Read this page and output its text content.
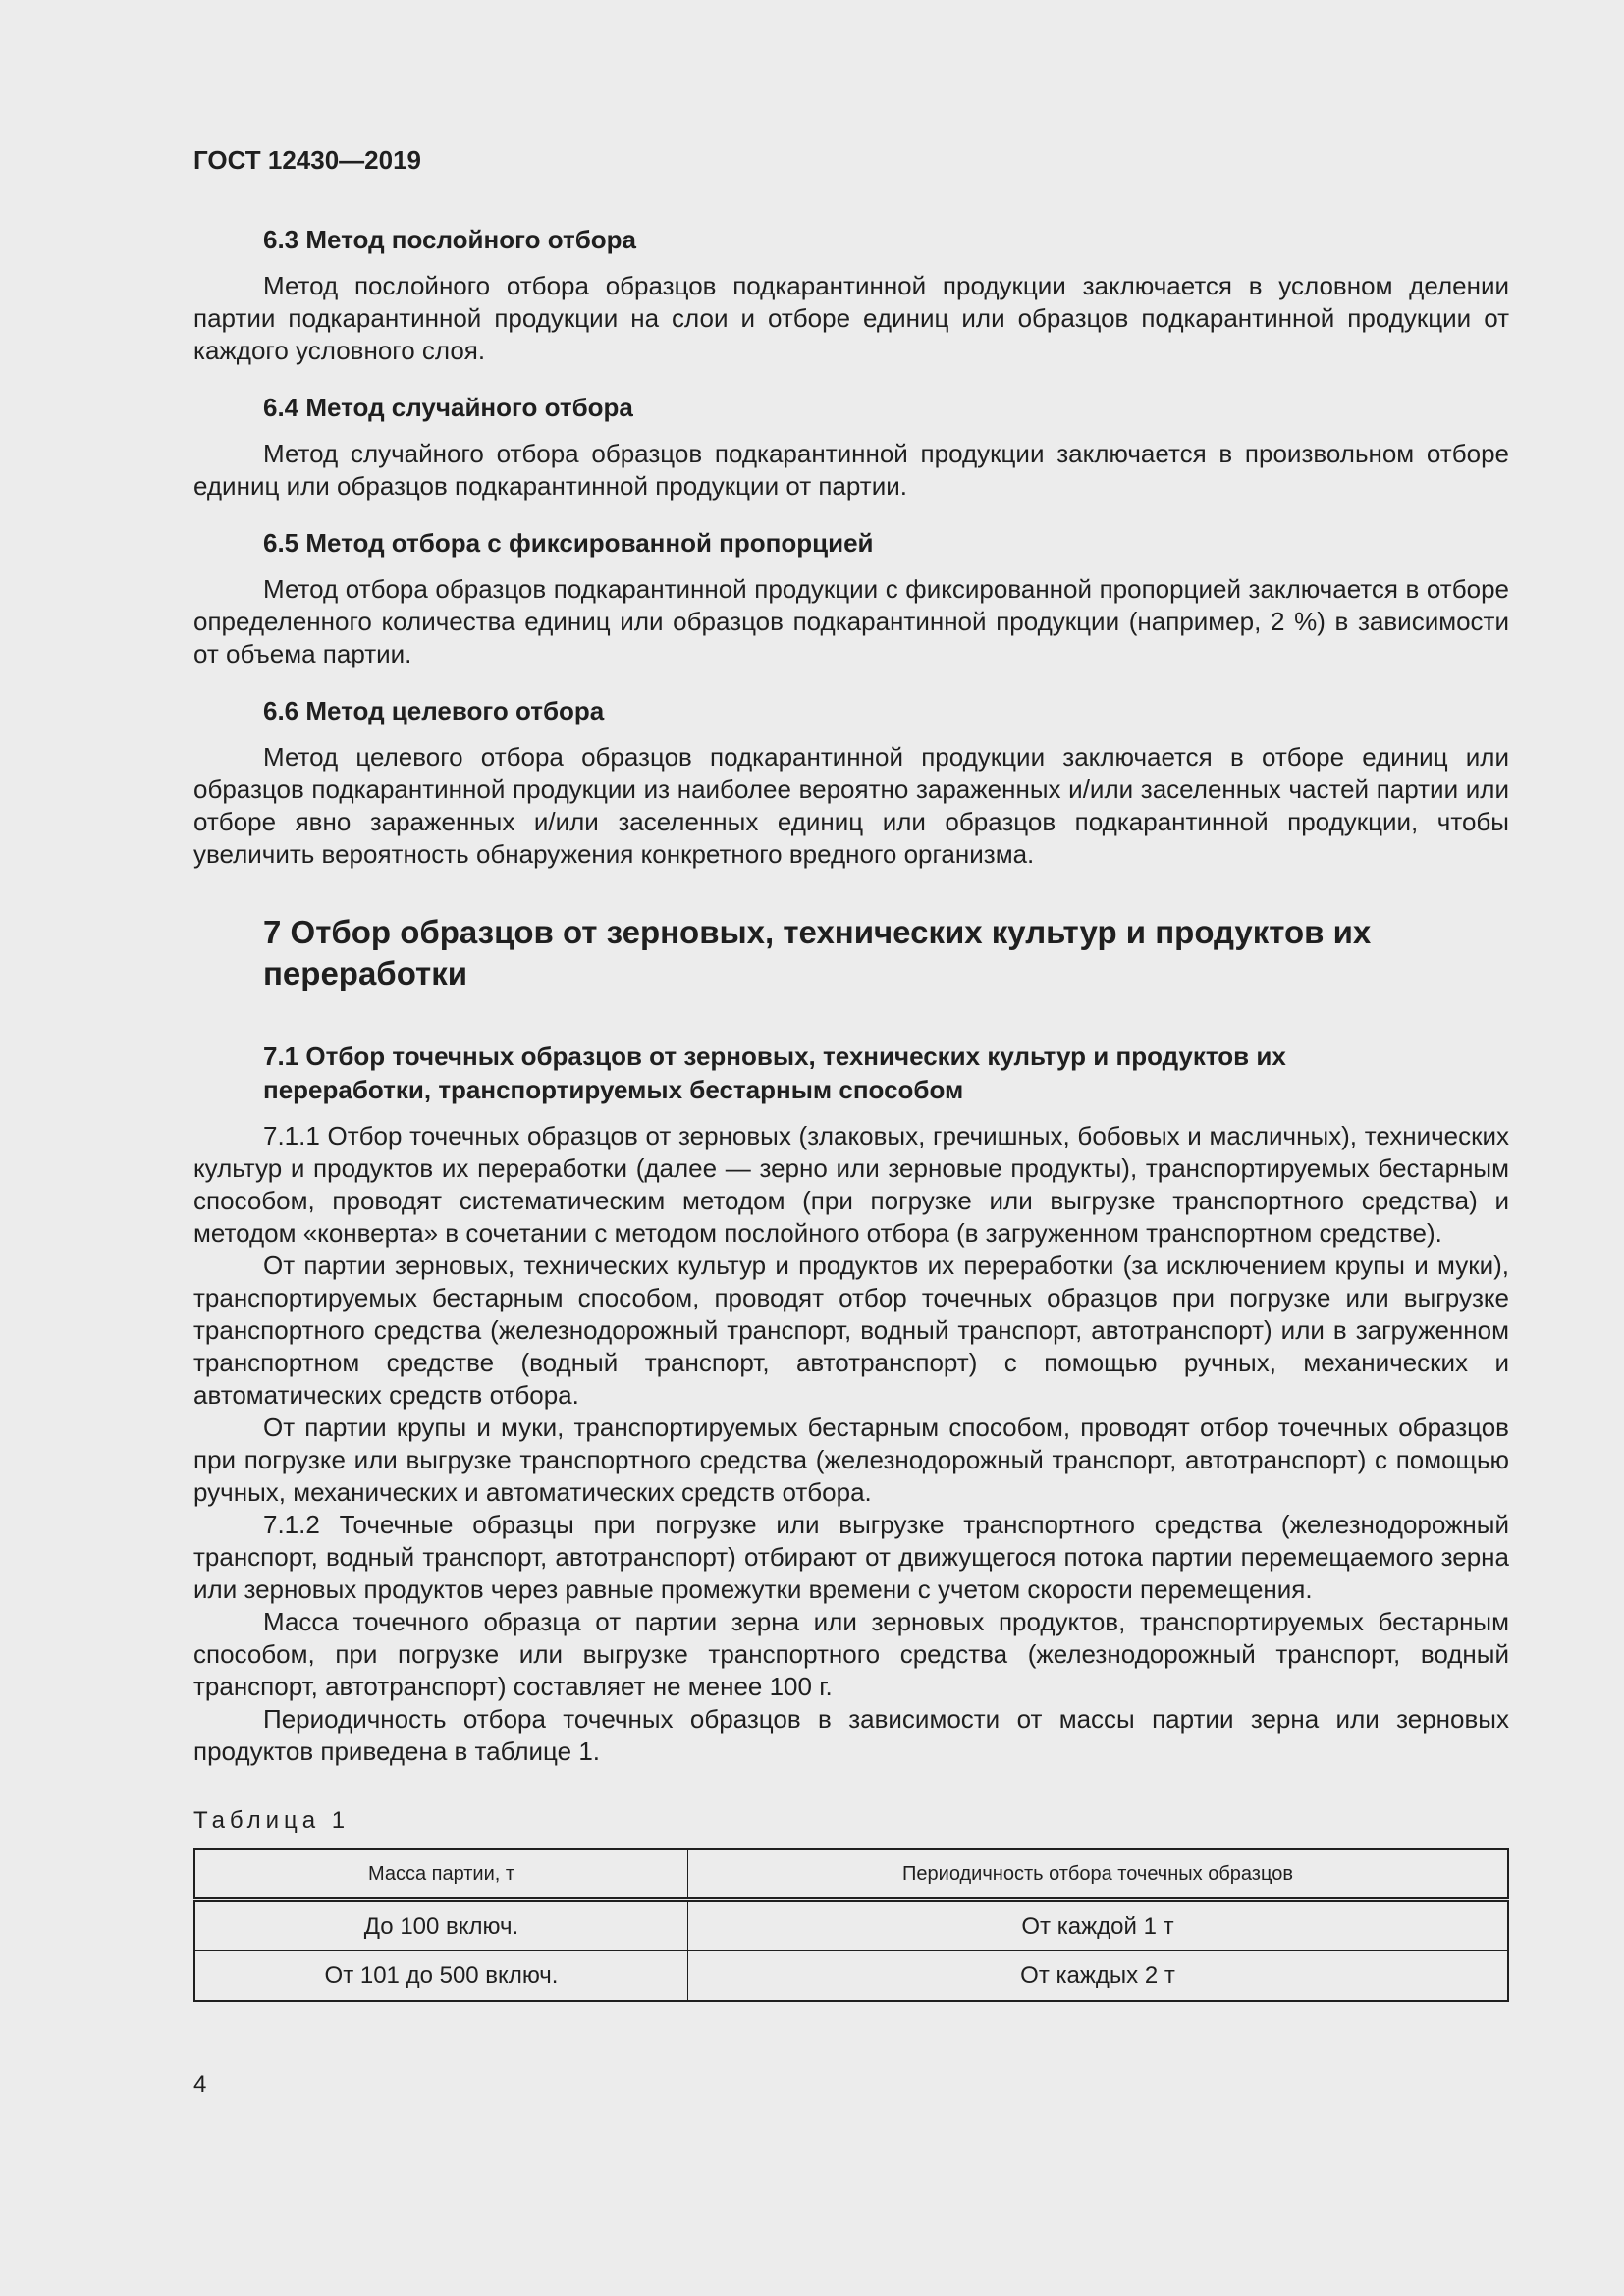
ГОСТ 12430—2019
6.3 Метод послойного отбора

Метод послойного отбора образцов подкарантинной продукции заключается в условном делении партии подкарантинной продукции на слои и отборе единиц или образцов подкарантинной продукции от каждого условного слоя.

6.4 Метод случайного отбора

Метод случайного отбора образцов подкарантинной продукции заключается в произвольном отборе единиц или образцов подкарантинной продукции от партии.

6.5 Метод отбора с фиксированной пропорцией

Метод отбора образцов подкарантинной продукции с фиксированной пропорцией заключается в отборе определенного количества единиц или образцов подкарантинной продукции (например, 2 %) в зависимости от объема партии.

6.6 Метод целевого отбора

Метод целевого отбора образцов подкарантинной продукции заключается в отборе единиц или образцов подкарантинной продукции из наиболее вероятно зараженных и/или заселенных частей партии или отборе явно зараженных и/или заселенных единиц или образцов подкарантинной продукции, чтобы увеличить вероятность обнаружения конкретного вредного организма.

7 Отбор образцов от зерновых, технических культур и продуктов их переработки
7.1 Отбор точечных образцов от зерновых, технических культур и продуктов их переработки, транспортируемых бестарным способом

7.1.1 Отбор точечных образцов от зерновых (злаковых, гречишных, бобовых и масличных), технических культур и продуктов их переработки (далее — зерно или зерновые продукты), транспортируемых бестарным способом, проводят систематическим методом (при погрузке или выгрузке транспортного средства) и методом «конверта» в сочетании с методом послойного отбора (в загруженном транспортном средстве).

От партии зерновых, технических культур и продуктов их переработки (за исключением крупы и муки), транспортируемых бестарным способом, проводят отбор точечных образцов при погрузке или выгрузке транспортного средства (железнодорожный транспорт, водный транспорт, автотранспорт) или в загруженном транспортном средстве (водный транспорт, автотранспорт) с помощью ручных, механических и автоматических средств отбора.

От партии крупы и муки, транспортируемых бестарным способом, проводят отбор точечных образцов при погрузке или выгрузке транспортного средства (железнодорожный транспорт, автотранспорт) с помощью ручных, механических и автоматических средств отбора.

7.1.2 Точечные образцы при погрузке или выгрузке транспортного средства (железнодорожный транспорт, водный транспорт, автотранспорт) отбирают от движущегося потока партии перемещаемого зерна или зерновых продуктов через равные промежутки времени с учетом скорости перемещения.

Масса точечного образца от партии зерна или зерновых продуктов, транспортируемых бестарным способом, при погрузке или выгрузке транспортного средства (железнодорожный транспорт, водный транспорт, автотранспорт) составляет не менее 100 г.

Периодичность отбора точечных образцов в зависимости от массы партии зерна или зерновых продуктов приведена в таблице 1.

Таблица 1
Масса партии, т	Периодичность отбора точечных образцов
До 100 включ.	От каждой 1 т
От 101 до 500 включ.	От каждых 2 т
4
